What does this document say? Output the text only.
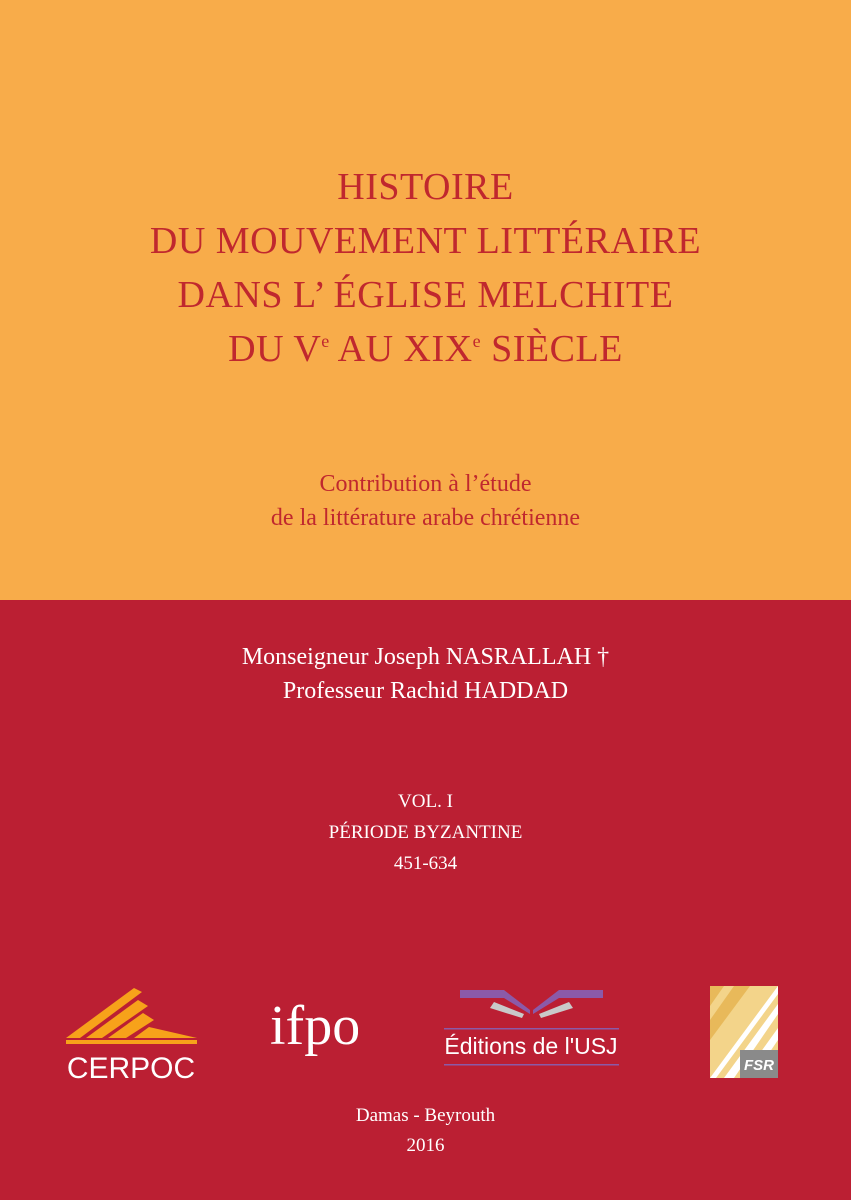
HISTOIRE
DU MOUVEMENT LITTÉRAIRE
DANS L’ ÉGLISE MELCHITE
DU Ve AU XIXe SIÈCLE
Contribution à l’étude
de la littérature arabe chrétienne
Monseigneur Joseph NASRALLAH †
Professeur Rachid HADDAD
VOL. I
PÉRIODE BYZANTINE
451-634
CERPOC
ifpo	Éditions de l'USJ
FSR
Damas - Beyrouth
2016
